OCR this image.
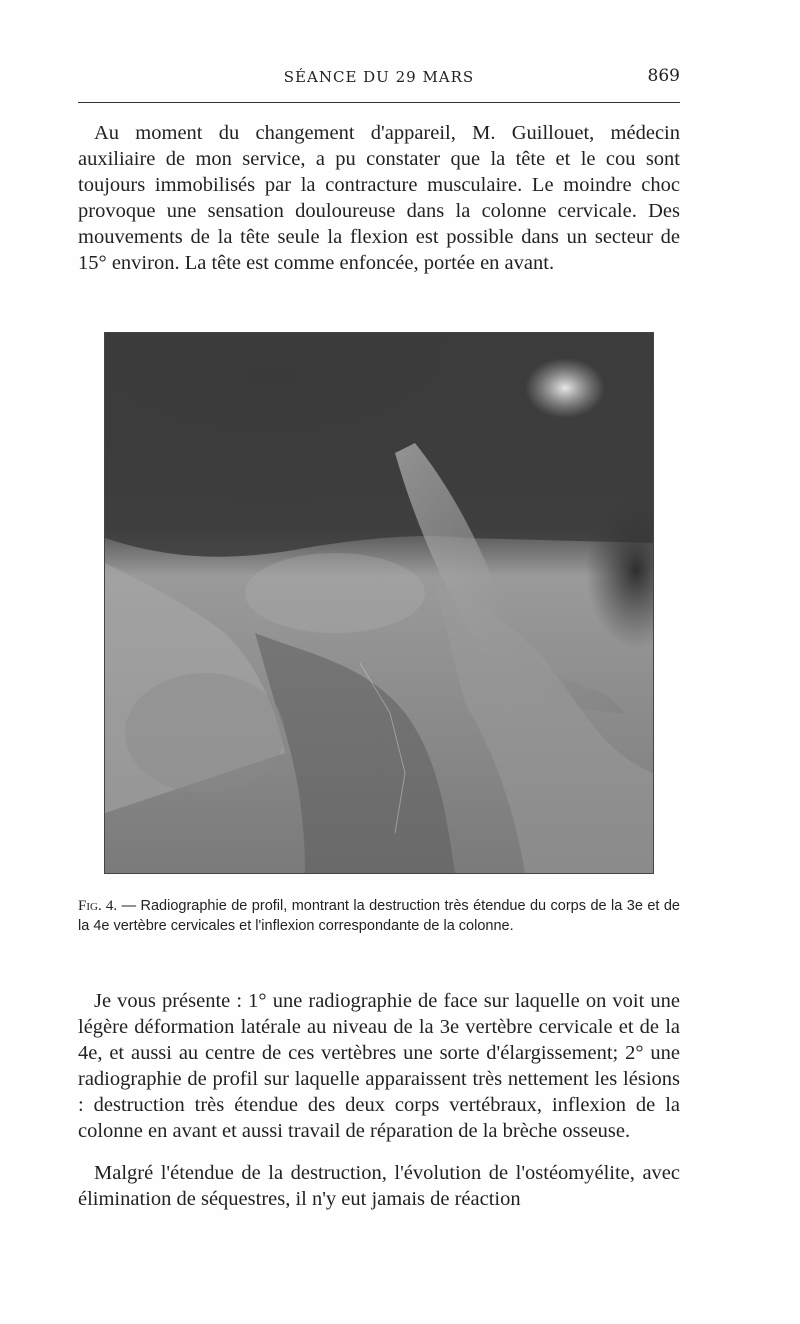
SÉANCE DU 29 MARS	869

Au moment du changement d'appareil, M. Guillouet, médecin auxiliaire de mon service, a pu constater que la tête et le cou sont toujours immobilisés par la contracture musculaire. Le moindre choc provoque une sensation douloureuse dans la colonne cervicale. Des mouvements de la tête seule la flexion est possible dans un secteur de 15° environ. La tête est comme enfoncée, portée en avant.

Fig. 4. — Radiographie de profil, montrant la destruction très étendue du corps de la 3e et de la 4e vertèbre cervicales et l'inflexion correspondante de la colonne.

Je vous présente : 1° une radiographie de face sur laquelle on voit une légère déformation latérale au niveau de la 3e vertèbre cervicale et de la 4e, et aussi au centre de ces vertèbres une sorte d'élargissement; 2° une radiographie de profil sur laquelle apparaissent très nettement les lésions : destruction très étendue des deux corps vertébraux, inflexion de la colonne en avant et aussi travail de réparation de la brèche osseuse.

Malgré l'étendue de la destruction, l'évolution de l'ostéomyélite, avec élimination de séquestres, il n'y eut jamais de réaction
